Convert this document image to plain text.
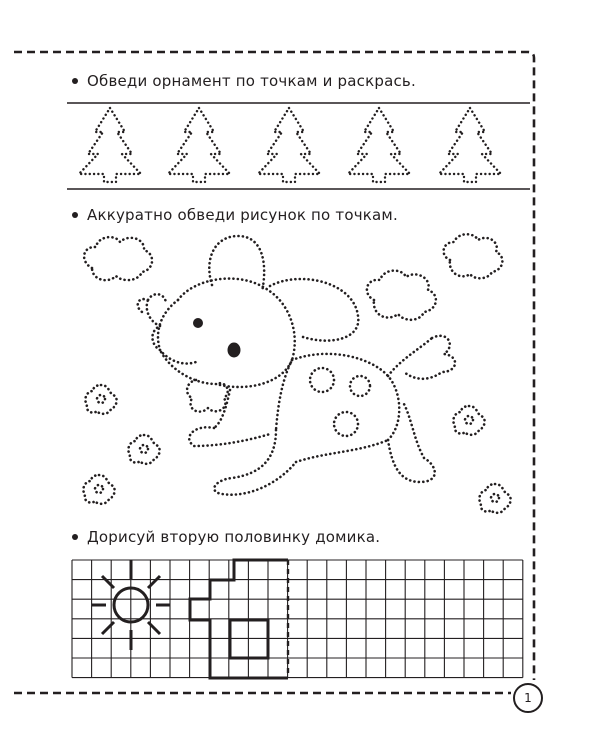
Обведи орнамент по точкам и раскрась.
Аккуратно обведи рисунок по точкам.
Дорисуй вторую половинку домика.
1
